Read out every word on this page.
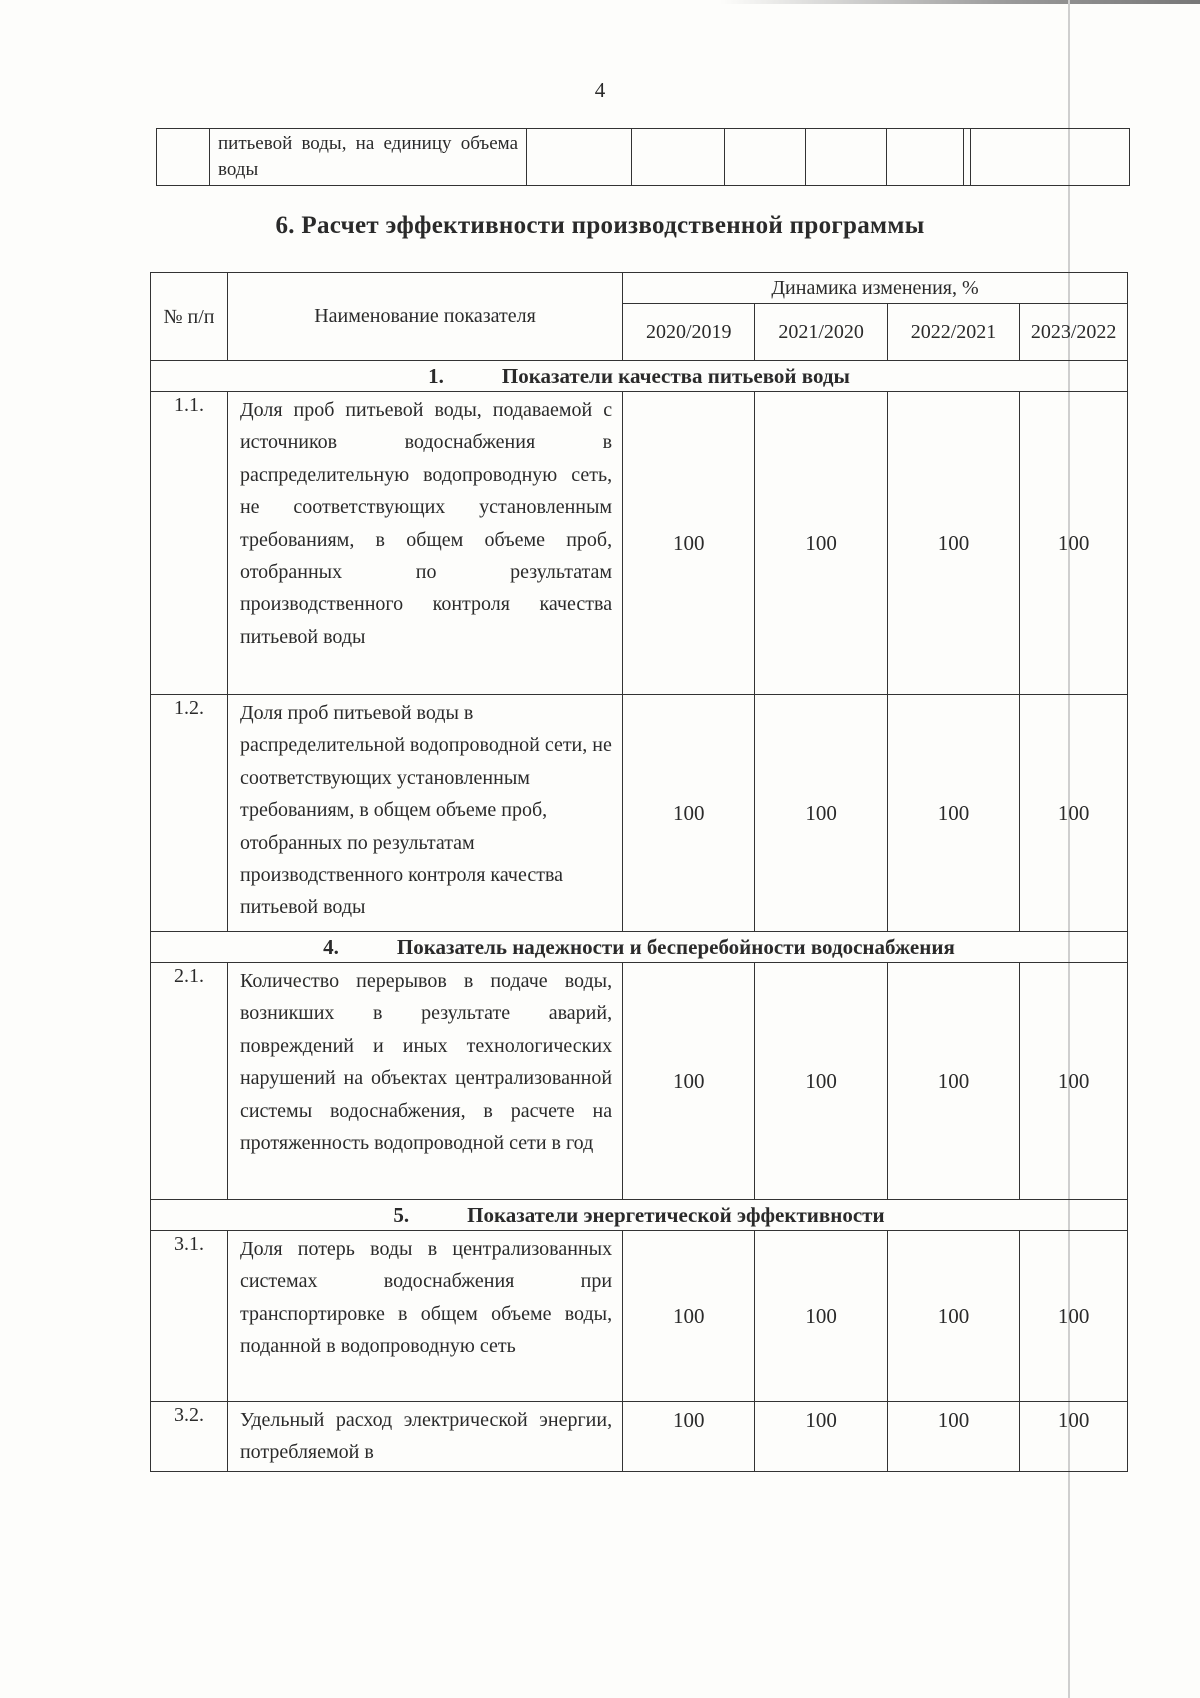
4
	питьевой воды, на единицу объема воды							
6. Расчет эффективности производственной программы
№ п/п	Наименование показателя	Динамика изменения, %			
		2020/2019	2021/2020	2022/2021	2023/2022
1. Показатели качества питьевой воды					
1.1.	Доля проб питьевой воды, подаваемой с источников водоснабжения в распределительную водопроводную сеть, не соответствующих установленным требованиям, в общем объеме проб, отобранных по результатам производственного контроля качества питьевой воды	100	100	100	100
1.2.	Доля проб питьевой воды в распределительной водопроводной сети, не соответствующих установленным требованиям, в общем объеме проб, отобранных по результатам производственного контроля качества питьевой воды	100	100	100	100
4. Показатель надежности и бесперебойности водоснабжения					
2.1.	Количество перерывов в подаче воды, возникших в результате аварий, повреждений и иных технологических нарушений на объектах централизованной системы водоснабжения, в расчете на протяженность водопроводной сети в год	100	100	100	100
5. Показатели энергетической эффективности					
3.1.	Доля потерь воды в централизованных системах водоснабжения при транспортировке в общем объеме воды, поданной в водопроводную сеть	100	100	100	100
3.2.	Удельный расход электрической энергии, потребляемой в	100	100	100	100
